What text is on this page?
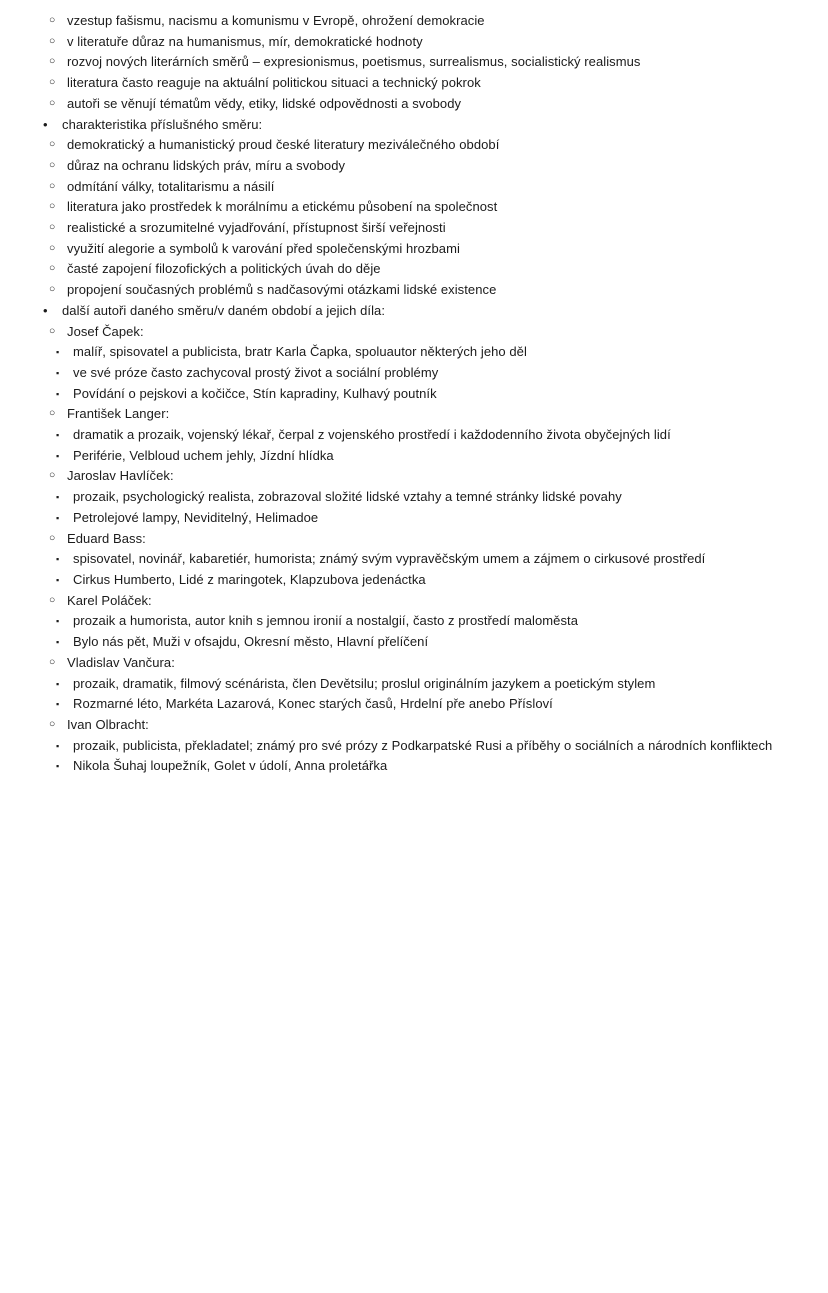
○ vzestup fašismu, nacismu a komunismu v Evropě, ohrožení demokracie
○ v literatuře důraz na humanismus, mír, demokratické hodnoty
○ rozvoj nových literárních směrů – expresionismus, poetismus, surrealismus, socialistický realismus
○ literatura často reaguje na aktuální politickou situaci a technický pokrok
○ autoři se věnují tématům vědy, etiky, lidské odpovědnosti a svobody
•	charakteristika příslušného směru:
○ demokratický a humanistický proud české literatury meziválečného období
○ důraz na ochranu lidských práv, míru a svobody
○ odmítání války, totalitarismu a násilí
○ literatura jako prostředek k morálnímu a etickému působení na společnost
○ realistické a srozumitelné vyjadřování, přístupnost širší veřejnosti
○ využití alegorie a symbolů k varování před společenskými hrozbami
○ časté zapojení filozofických a politických úvah do děje
○ propojení současných problémů s nadčasovými otázkami lidské existence
•	další autoři daného směru/v daném období a jejich díla:
○ Josef Čapek:
▪	malíř, spisovatel a publicista, bratr Karla Čapka, spoluautor některých jeho děl
▪	ve své próze často zachycoval prostý život a sociální problémy
▪	Povídání o pejskovi a kočičce, Stín kapradiny, Kulhavý poutník
○ František Langer:
▪	dramatik a prozaik, vojenský lékař, čerpal z vojenského prostředí i každodenního života obyčejných lidí
▪	Periférie, Velbloud uchem jehly, Jízdní hlídka
○ Jaroslav Havlíček:
▪	prozaik, psychologický realista, zobrazoval složité lidské vztahy a temné stránky lidské povahy
▪	Petrolejové lampy, Neviditelný, Helimadoe
○ Eduard Bass:
▪	spisovatel, novinář, kabaretiér, humorista; známý svým vypravěčským umem a zájmem o cirkusové prostředí
▪	Cirkus Humberto, Lidé z maringotek, Klapzubova jedenáctka
○ Karel Poláček:
▪	prozaik a humorista, autor knih s jemnou ironií a nostalgií, často z prostředí maloměsta
▪	Bylo nás pět, Muži v ofsajdu, Okresní město, Hlavní přelíčení
○ Vladislav Vančura:
▪	prozaik, dramatik, filmový scénárista, člen Devětsilu; proslul originálním jazykem a poetickým stylem
▪	Rozmarné léto, Markéta Lazarová, Konec starých časů, Hrdelní pře anebo Přísloví
○ Ivan Olbracht:
▪	prozaik, publicista, překladatel; známý pro své prózy z Podkarpatské Rusi a příběhy o sociálních a národních konfliktech
▪	Nikola Šuhaj loupežník, Golet v údolí, Anna proletářka
